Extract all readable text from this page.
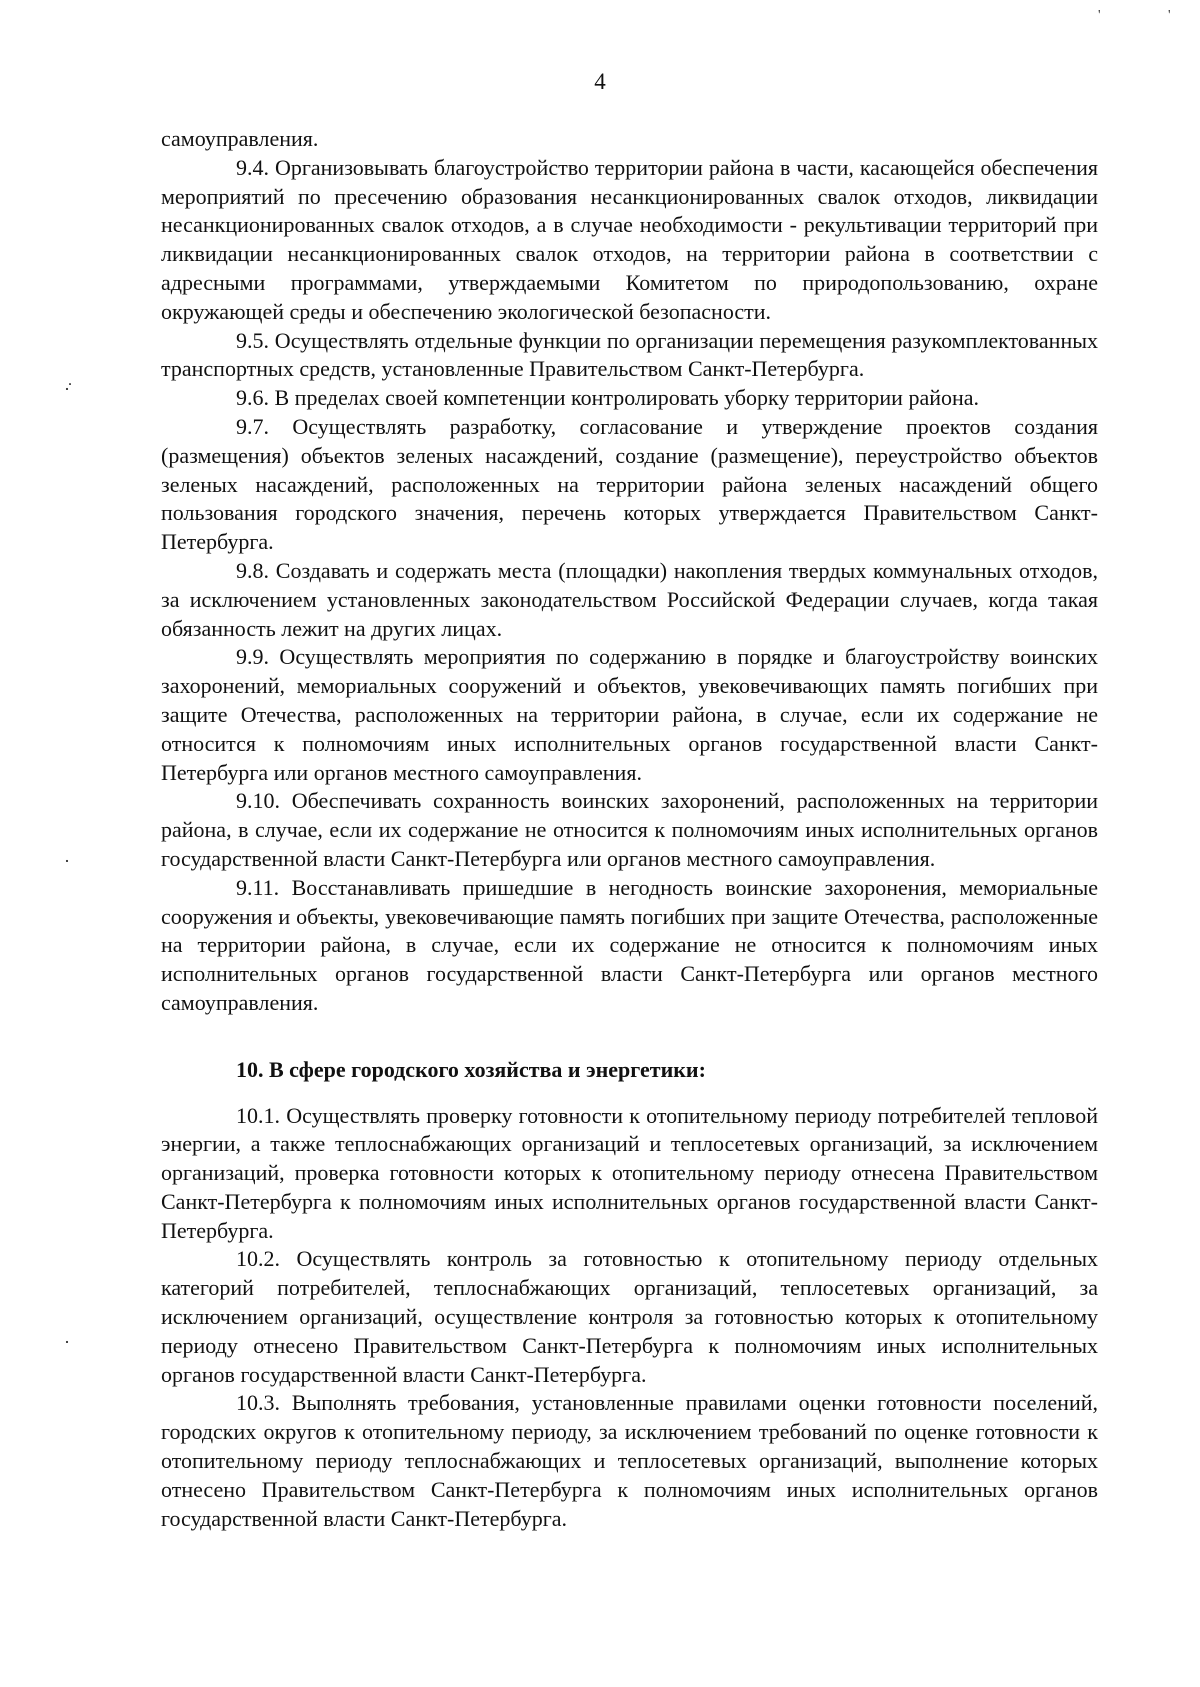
'	'
4
·̇
·
·

самоуправления.

9.4. Организовывать благоустройство территории района в части, касающейся обеспечения мероприятий по пресечению образования несанкционированных свалок отходов, ликвидации несанкционированных свалок отходов, а в случае необходимости - рекультивации территорий при ликвидации несанкционированных свалок отходов, на территории района в соответствии с адресными программами, утверждаемыми Комитетом по природопользованию, охране окружающей среды и обеспечению экологической безопасности.

9.5. Осуществлять отдельные функции по организации перемещения разукомплектованных транспортных средств, установленные Правительством Санкт-Петербурга.

9.6. В пределах своей компетенции контролировать уборку территории района.

9.7. Осуществлять разработку, согласование и утверждение проектов создания (размещения) объектов зеленых насаждений, создание (размещение), переустройство объектов зеленых насаждений, расположенных на территории района зеленых насаждений общего пользования городского значения, перечень которых утверждается Правительством Санкт-Петербурга.

9.8. Создавать и содержать места (площадки) накопления твердых коммунальных отходов, за исключением установленных законодательством Российской Федерации случаев, когда такая обязанность лежит на других лицах.

9.9. Осуществлять мероприятия по содержанию в порядке и благоустройству воинских захоронений, мемориальных сооружений и объектов, увековечивающих память погибших при защите Отечества, расположенных на территории района, в случае, если их содержание не относится к полномочиям иных исполнительных органов государственной власти Санкт-Петербурга или органов местного самоуправления.

9.10. Обеспечивать сохранность воинских захоронений, расположенных на территории района, в случае, если их содержание не относится к полномочиям иных исполнительных органов государственной власти Санкт-Петербурга или органов местного самоуправления.

9.11. Восстанавливать пришедшие в негодность воинские захоронения, мемориальные сооружения и объекты, увековечивающие память погибших при защите Отечества, расположенные на территории района, в случае, если их содержание не относится к полномочиям иных исполнительных органов государственной власти Санкт-Петербурга или органов местного самоуправления.

10. В сфере городского хозяйства и энергетики:

10.1. Осуществлять проверку готовности к отопительному периоду потребителей тепловой энергии, а также теплоснабжающих организаций и теплосетевых организаций, за исключением организаций, проверка готовности которых к отопительному периоду отнесена Правительством Санкт-Петербурга к полномочиям иных исполнительных органов государственной власти Санкт-Петербурга.

10.2. Осуществлять контроль за готовностью к отопительному периоду отдельных категорий потребителей, теплоснабжающих организаций, теплосетевых организаций, за исключением организаций, осуществление контроля за готовностью которых к отопительному периоду отнесено Правительством Санкт-Петербурга к полномочиям иных исполнительных органов государственной власти Санкт-Петербурга.

10.3. Выполнять требования, установленные правилами оценки готовности поселений, городских округов к отопительному периоду, за исключением требований по оценке готовности к отопительному периоду теплоснабжающих и теплосетевых организаций, выполнение которых отнесено Правительством Санкт-Петербурга к полномочиям иных исполнительных органов государственной власти Санкт-Петербурга.
